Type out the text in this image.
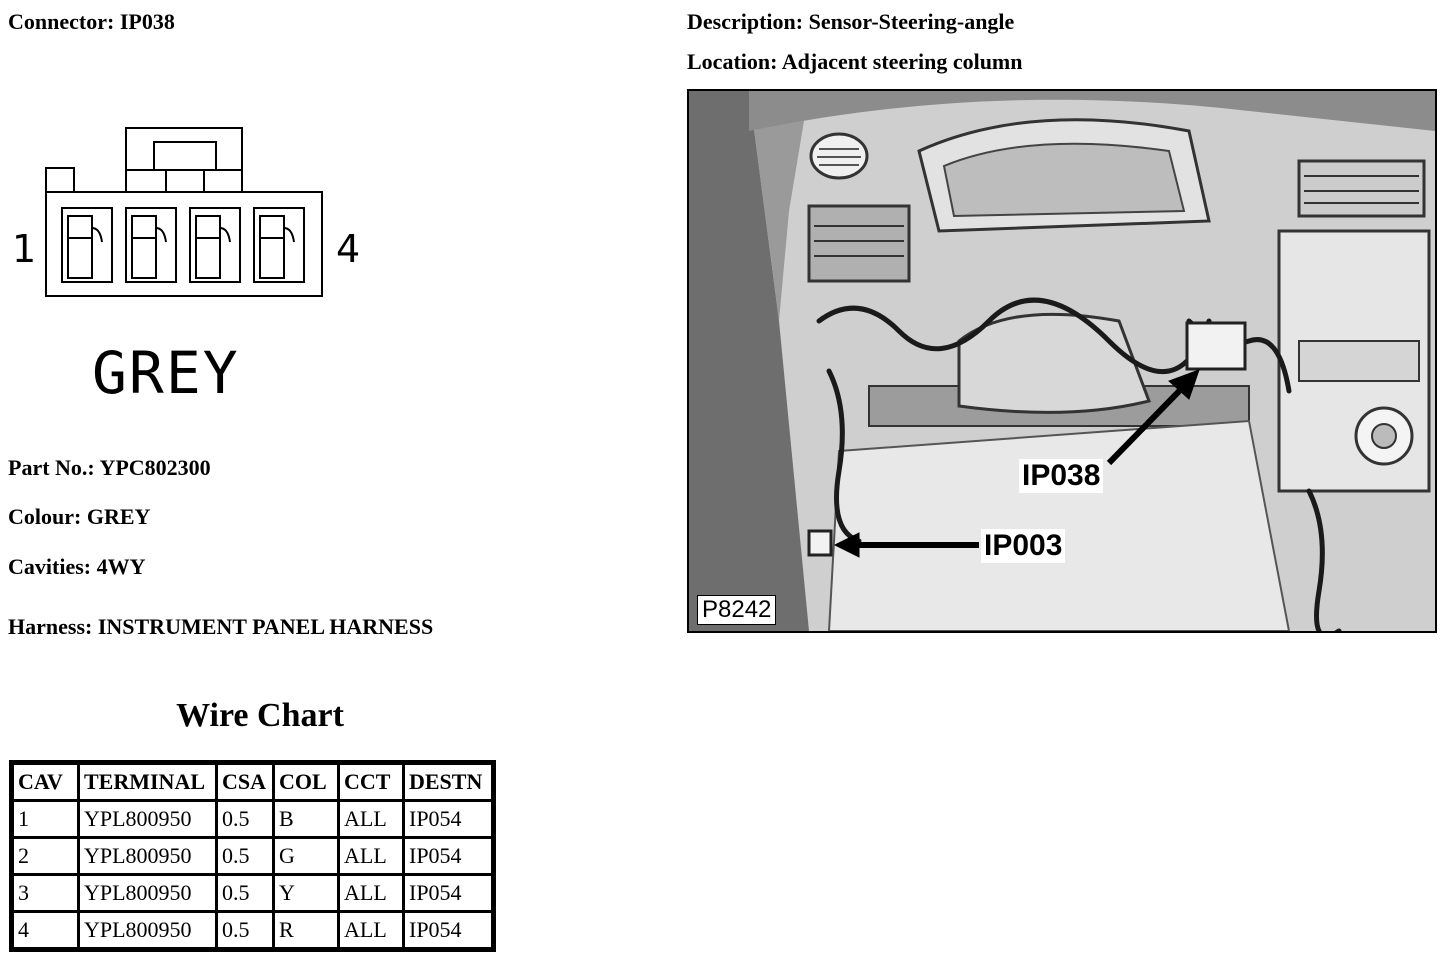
Connector: IP038	Description: Sensor-Steering-angle
Location: Adjacent steering column
1	4
GREY
Part No.: YPC802300
Colour: GREY
Cavities: 4WY
Harness: INSTRUMENT PANEL HARNESS
Wire Chart
CAV	TERMINAL	CSA	COL	CCT	DESTN
1	YPL800950	0.5	B	ALL	IP054
2	YPL800950	0.5	G	ALL	IP054
3	YPL800950	0.5	Y	ALL	IP054
4	YPL800950	0.5	R	ALL	IP054
IP038
IP003
P8242
